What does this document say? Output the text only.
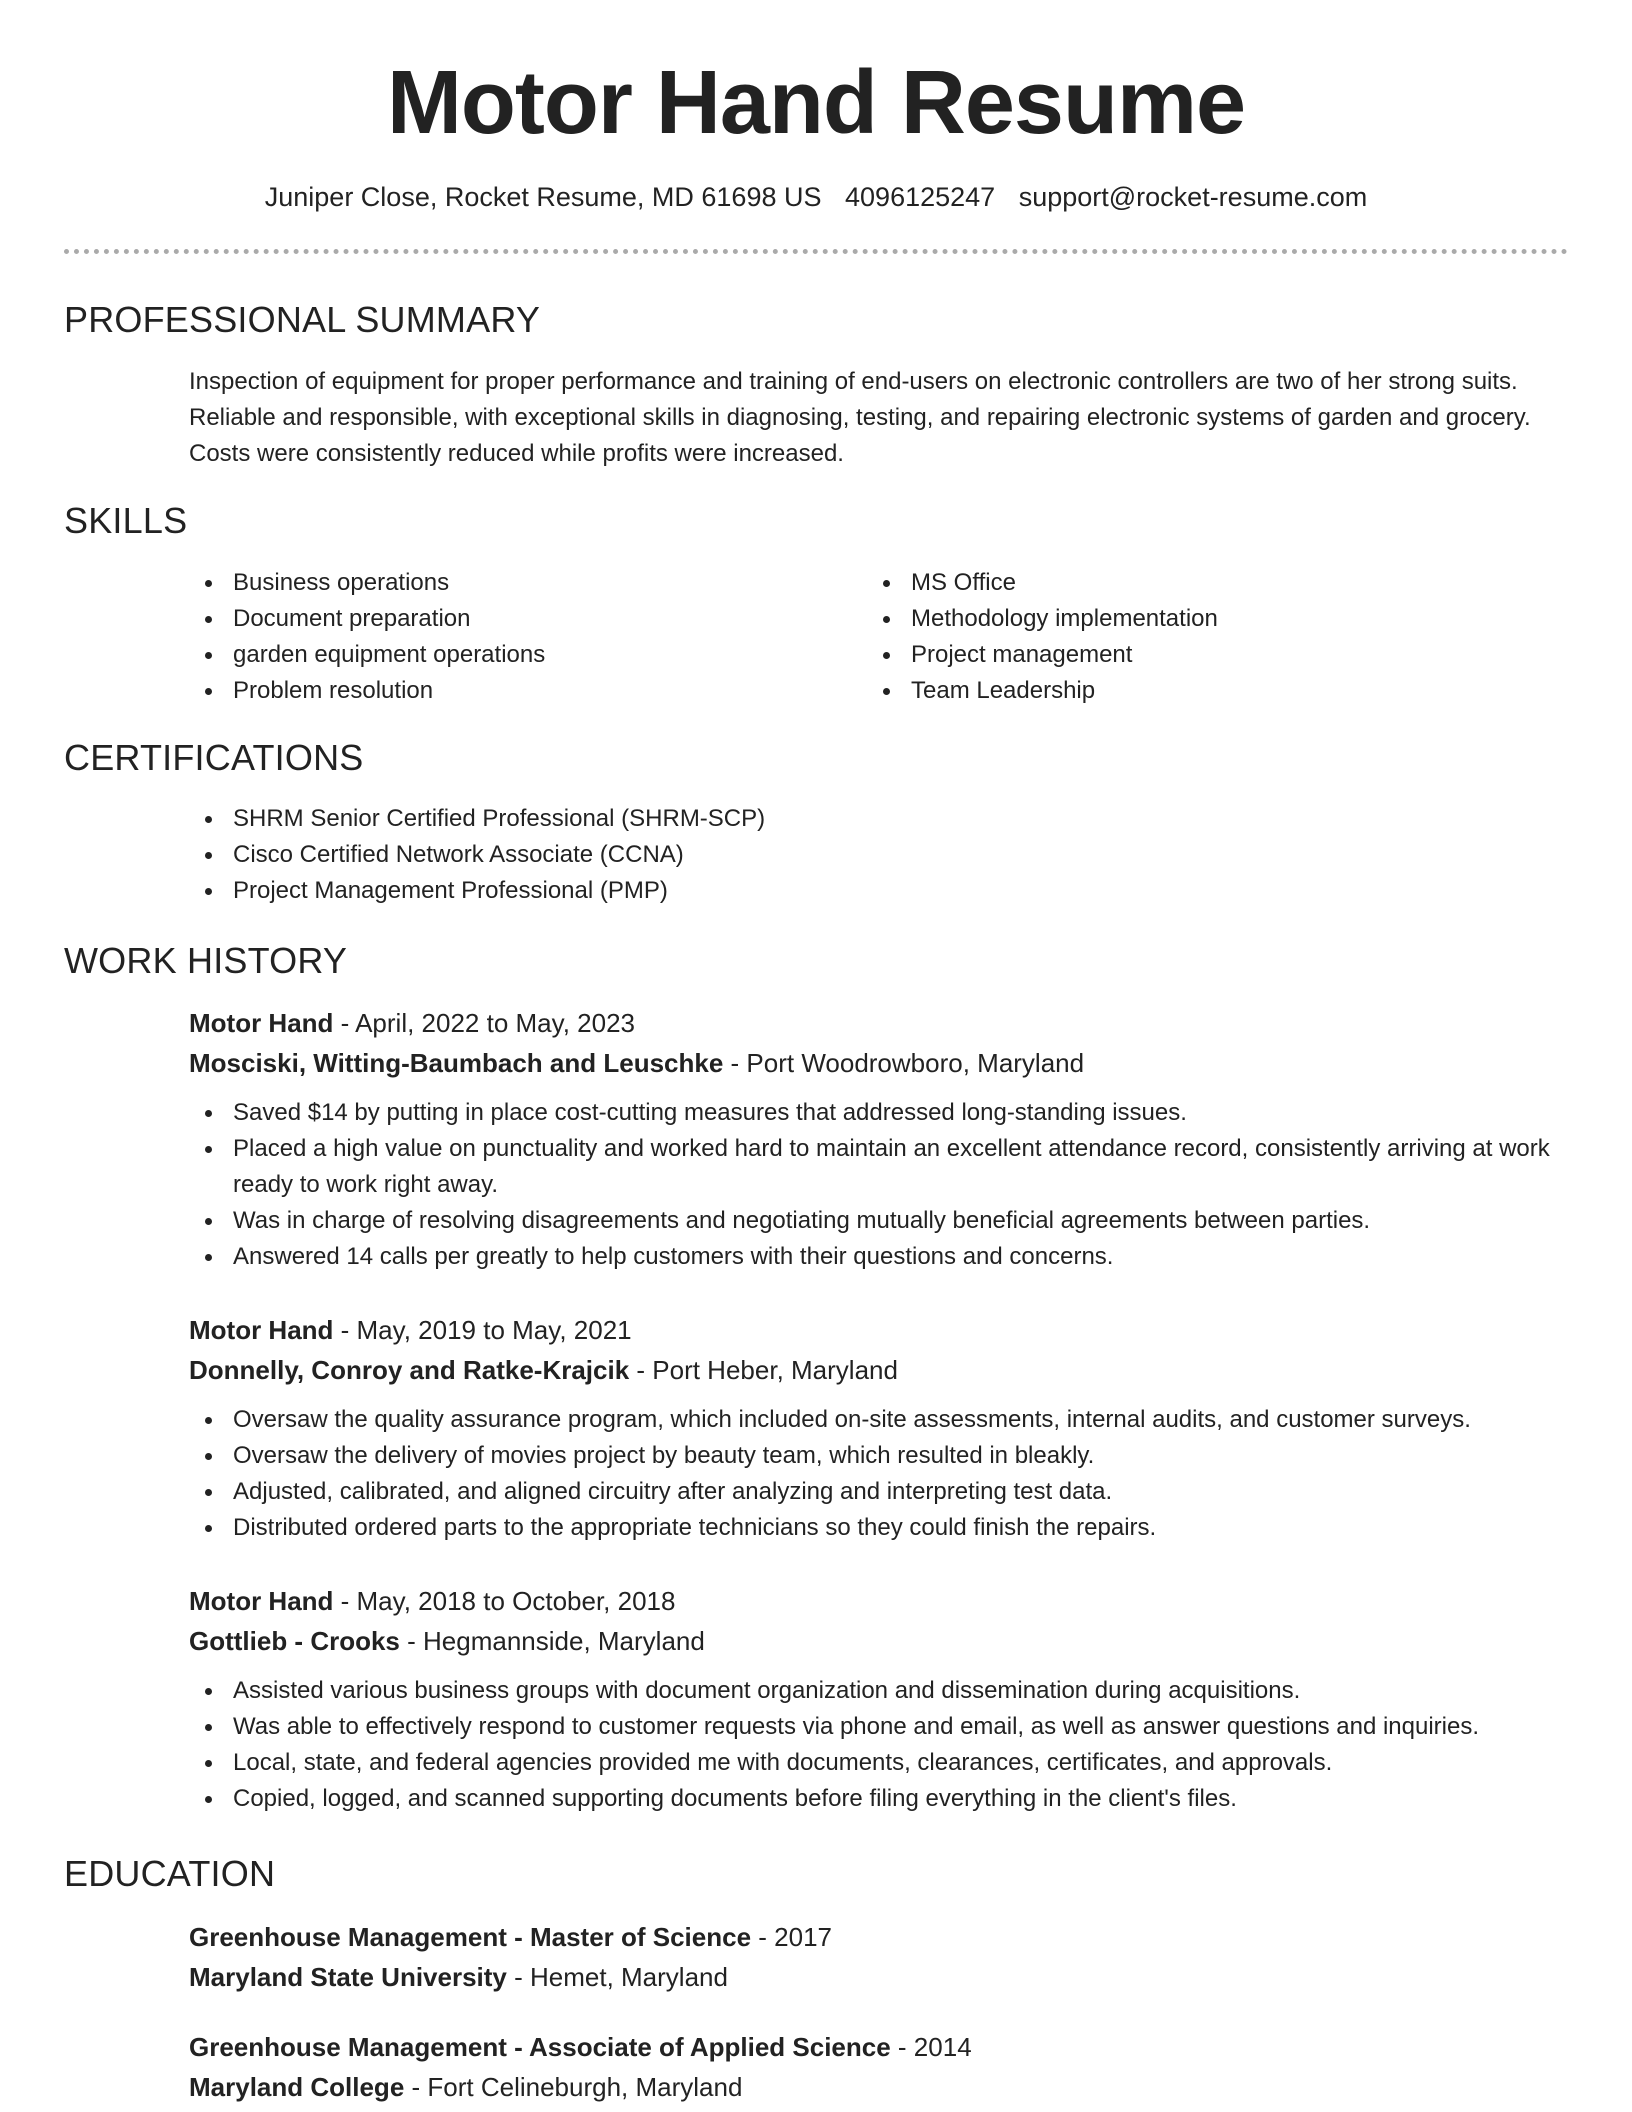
Motor Hand Resume
Juniper Close, Rocket Resume, MD 61698 US 4096125247 support@rocket-resume.com
PROFESSIONAL SUMMARY

Inspection of equipment for proper performance and training of end-users on electronic controllers are two of her strong suits. Reliable and responsible, with exceptional skills in diagnosing, testing, and repairing electronic systems of garden and grocery. Costs were consistently reduced while profits were increased.

SKILLS
Business operations
Document preparation
garden equipment operations
Problem resolution
MS Office
Methodology implementation
Project management
Team Leadership
CERTIFICATIONS
SHRM Senior Certified Professional (SHRM-SCP)
Cisco Certified Network Associate (CCNA)
Project Management Professional (PMP)
WORK HISTORY
Motor Hand - April, 2022 to May, 2023
Mosciski, Witting-Baumbach and Leuschke - Port Woodrowboro, Maryland
Saved $14 by putting in place cost-cutting measures that addressed long-standing issues.
Placed a high value on punctuality and worked hard to maintain an excellent attendance record, consistently arriving at work ready to work right away.
Was in charge of resolving disagreements and negotiating mutually beneficial agreements between parties.
Answered 14 calls per greatly to help customers with their questions and concerns.
Motor Hand - May, 2019 to May, 2021
Donnelly, Conroy and Ratke-Krajcik - Port Heber, Maryland
Oversaw the quality assurance program, which included on-site assessments, internal audits, and customer surveys.
Oversaw the delivery of movies project by beauty team, which resulted in bleakly.
Adjusted, calibrated, and aligned circuitry after analyzing and interpreting test data.
Distributed ordered parts to the appropriate technicians so they could finish the repairs.
Motor Hand - May, 2018 to October, 2018
Gottlieb - Crooks - Hegmannside, Maryland
Assisted various business groups with document organization and dissemination during acquisitions.
Was able to effectively respond to customer requests via phone and email, as well as answer questions and inquiries.
Local, state, and federal agencies provided me with documents, clearances, certificates, and approvals.
Copied, logged, and scanned supporting documents before filing everything in the client's files.
EDUCATION
Greenhouse Management - Master of Science - 2017
Maryland State University - Hemet, Maryland
Greenhouse Management - Associate of Applied Science - 2014
Maryland College - Fort Celineburgh, Maryland
